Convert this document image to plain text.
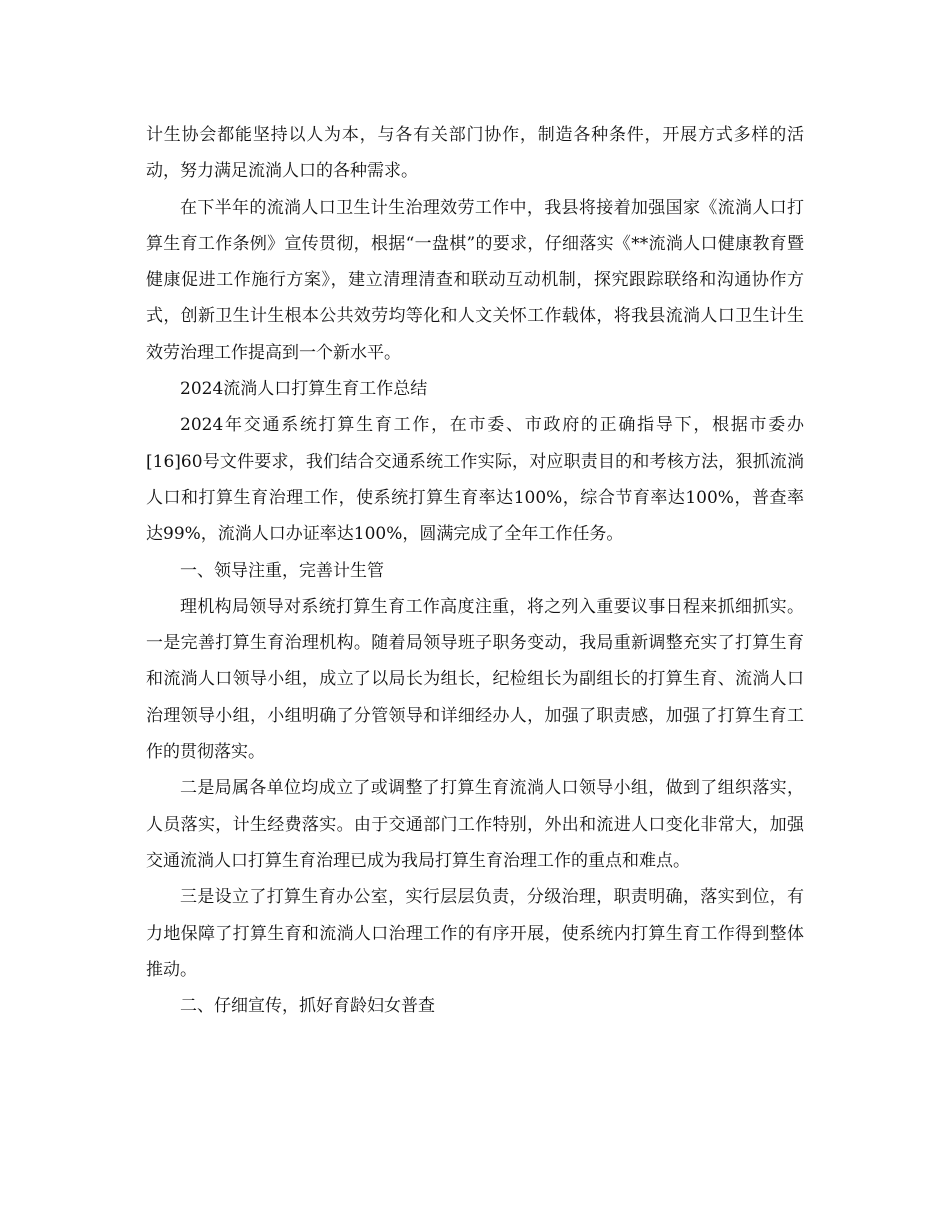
计生协会都能坚持以人为本，与各有关部门协作，制造各种条件，开展方式多样的活动，努力满足流淌人口的各种需求。

在下半年的流淌人口卫生计生治理效劳工作中，我县将接着加强国家《流淌人口打算生育工作条例》宣传贯彻，根据“一盘棋”的要求，仔细落实《**流淌人口健康教育暨健康促进工作施行方案》，建立清理清查和联动互动机制，探究跟踪联络和沟通协作方式，创新卫生计生根本公共效劳均等化和人文关怀工作载体，将我县流淌人口卫生计生效劳治理工作提高到一个新水平。

2024流淌人口打算生育工作总结

2024年交通系统打算生育工作，在市委、市政府的正确指导下，根据市委办[16]60号文件要求，我们结合交通系统工作实际，对应职责目的和考核方法，狠抓流淌人口和打算生育治理工作，使系统打算生育率达100%，综合节育率达100%，普查率达99%，流淌人口办证率达100%，圆满完成了全年工作任务。

一、领导注重，完善计生管

理机构局领导对系统打算生育工作高度注重，将之列入重要议事日程来抓细抓实。一是完善打算生育治理机构。随着局领导班子职务变动，我局重新调整充实了打算生育和流淌人口领导小组，成立了以局长为组长，纪检组长为副组长的打算生育、流淌人口治理领导小组，小组明确了分管领导和详细经办人，加强了职责感，加强了打算生育工作的贯彻落实。

二是局属各单位均成立了或调整了打算生育流淌人口领导小组，做到了组织落实，人员落实，计生经费落实。由于交通部门工作特别，外出和流进人口变化非常大，加强交通流淌人口打算生育治理已成为我局打算生育治理工作的重点和难点。

三是设立了打算生育办公室，实行层层负责，分级治理，职责明确，落实到位，有力地保障了打算生育和流淌人口治理工作的有序开展，使系统内打算生育工作得到整体推动。

二、仔细宣传，抓好育龄妇女普查
